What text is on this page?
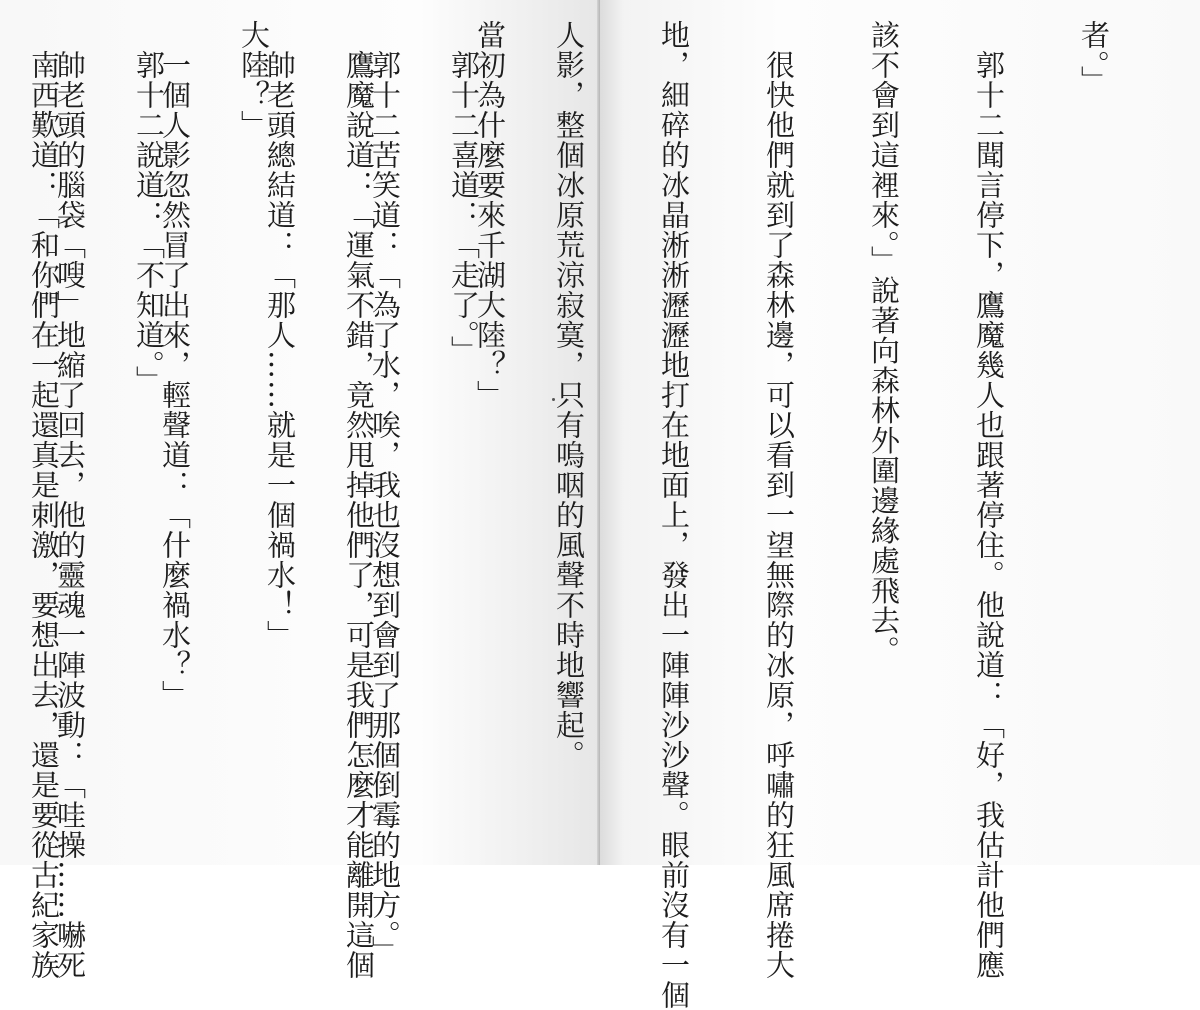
當初為什麼要來千湖大陸？」

　郭十二苦笑道：「為了水，唉，我也沒想到會到了那個倒霉的地方。」

　帥老頭總結道：「那人……就是一個禍水！」

　一個人影忽然冒了出來，輕聲道：「什麼禍水？」

　帥老頭的腦袋「嗖」地縮了回去，他的靈魂一陣波動：「哇操……嚇死

	者。」

　郭十二聞言停下，鷹魔幾人也跟著停住。他說道：「好，我估計他們應

該不會到這裡來。」說著向森林外圍邊緣處飛去。

　很快他們就到了森林邊，可以看到一望無際的冰原，呼嘯的狂風席捲大

地，細碎的冰晶淅淅瀝瀝地打在地面上，發出一陣陣沙沙聲。眼前沒有一個

人影，整個冰原荒涼寂寞，只有嗚咽的風聲不時地響起。

　郭十二喜道：「走了。」

　鷹魔說道：「運氣不錯，竟然甩掉他們了，可是我們怎麼才能離開這個

大陸？」

　郭十二說道：「不知道。」

　南西歎道：「和你們在一起還真是刺激，要想出去，還是要從古紀家族
